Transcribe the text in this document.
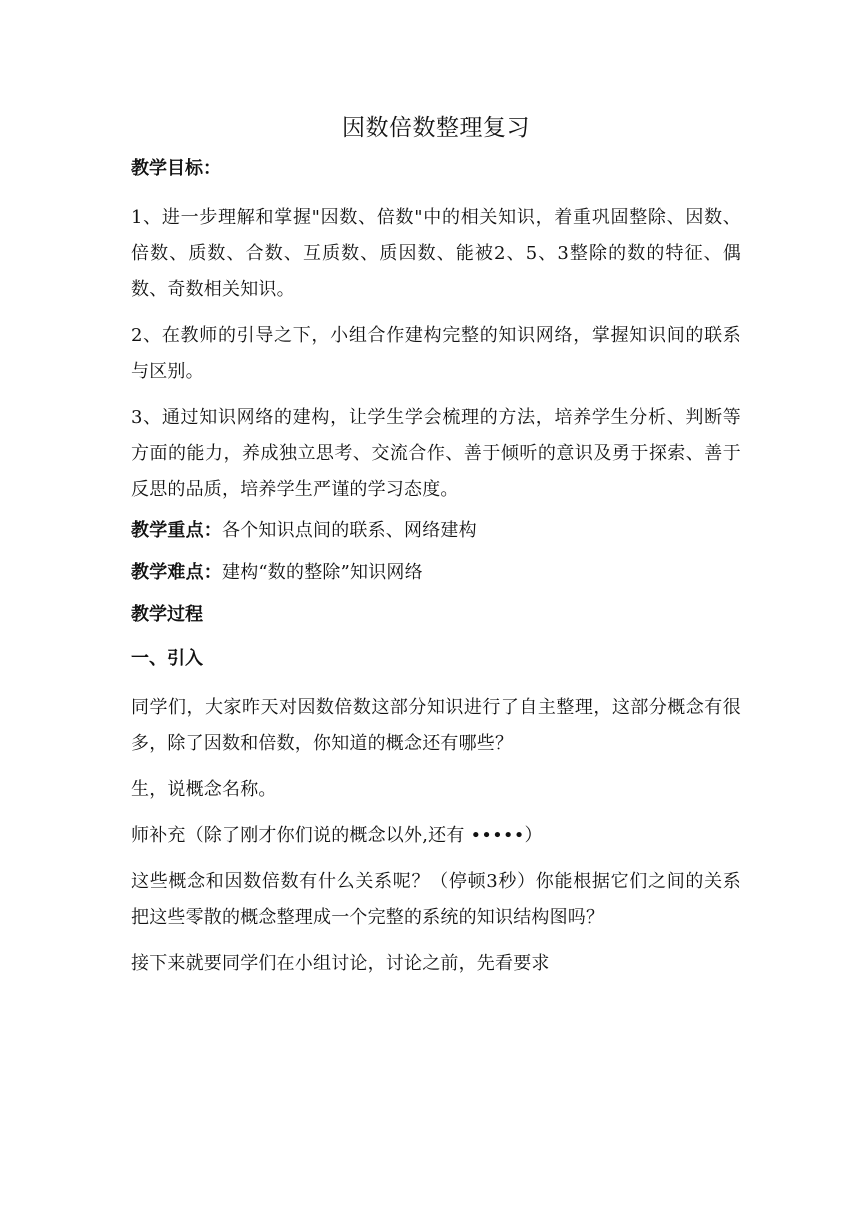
因数倍数整理复习
教学目标：

1、进一步理解和掌握"因数、倍数"中的相关知识，着重巩固整除、因数、倍数、质数、合数、互质数、质因数、能被2、5、3整除的数的特征、偶数、奇数相关知识。

2、在教师的引导之下，小组合作建构完整的知识网络，掌握知识间的联系与区别。

3、通过知识网络的建构，让学生学会梳理的方法，培养学生分析、判断等方面的能力，养成独立思考、交流合作、善于倾听的意识及勇于探索、善于反思的品质，培养学生严谨的学习态度。

教学重点：各个知识点间的联系、网络建构
教学难点：建构“数的整除”知识网络
教学过程
一、引入

同学们，大家昨天对因数倍数这部分知识进行了自主整理，这部分概念有很多，除了因数和倍数，你知道的概念还有哪些？

生，说概念名称。

师补充（除了刚才你们说的概念以外,还有 •••••）

这些概念和因数倍数有什么关系呢？（停顿3秒）你能根据它们之间的关系把这些零散的概念整理成一个完整的系统的知识结构图吗？

接下来就要同学们在小组讨论，讨论之前，先看要求
